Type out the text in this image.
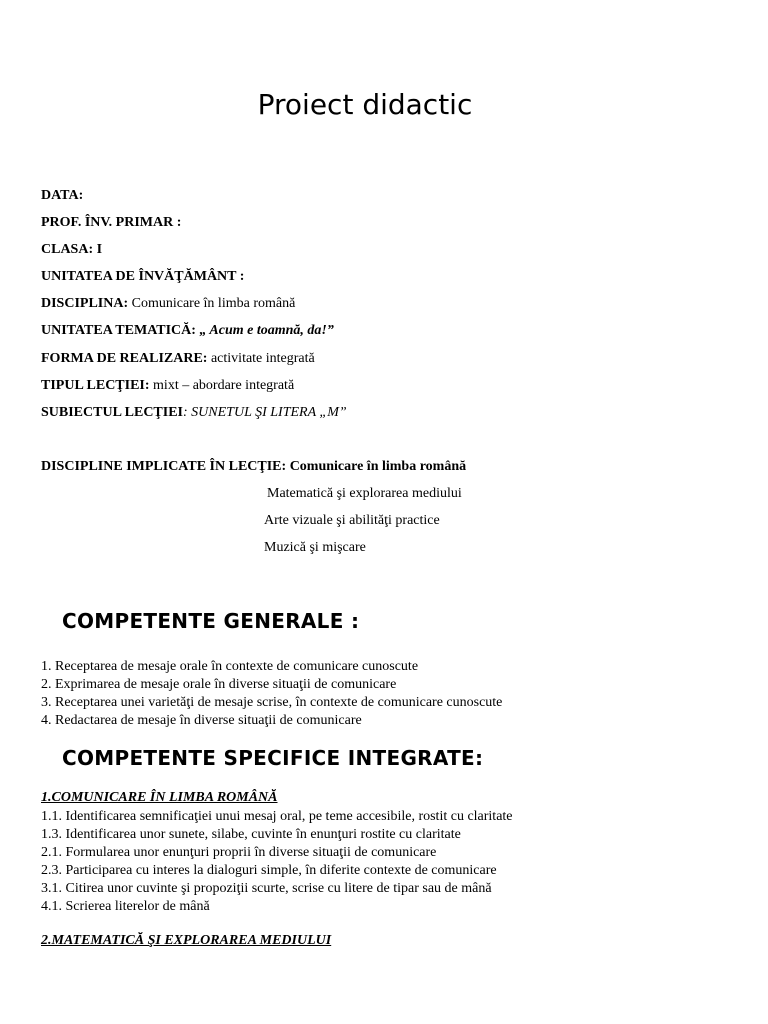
Proiect didactic
DATA:
PROF. ÎNV. PRIMAR :
CLASA: I
UNITATEA DE ÎNVĂŢĂMÂNT :
DISCIPLINA: Comunicare în limba română
UNITATEA TEMATICĂ: „ Acum e toamnă, da!”
FORMA DE REALIZARE: activitate integrată
TIPUL LECŢIEI: mixt – abordare integrată
SUBIECTUL LECŢIEI: SUNETUL ŞI LITERA „M”
DISCIPLINE IMPLICATE ÎN LECŢIE: Comunicare în limba română
Matematică şi explorarea mediului
Arte vizuale şi abilităţi practice
Muzică şi mişcare
COMPETENTE GENERALE :
1. Receptarea de mesaje orale în contexte de comunicare cunoscute
2. Exprimarea de mesaje orale în diverse situaţii de comunicare
3. Receptarea unei varietăţi de mesaje scrise, în contexte de comunicare cunoscute
4. Redactarea de mesaje în diverse situaţii de comunicare
COMPETENTE SPECIFICE INTEGRATE:
1.COMUNICARE ÎN LIMBA ROMÂNĂ
1.1. Identificarea semnificaţiei unui mesaj oral, pe teme accesibile, rostit cu claritate
1.3. Identificarea unor sunete, silabe, cuvinte în enunţuri rostite cu claritate
2.1. Formularea unor enunţuri proprii în diverse situaţii de comunicare
2.3. Participarea cu interes la dialoguri simple, în diferite contexte de comunicare
3.1. Citirea unor cuvinte şi propoziţii scurte, scrise cu litere de tipar sau de mână
4.1. Scrierea literelor de mână
2.MATEMATICĂ ŞI EXPLORAREA MEDIULUI
